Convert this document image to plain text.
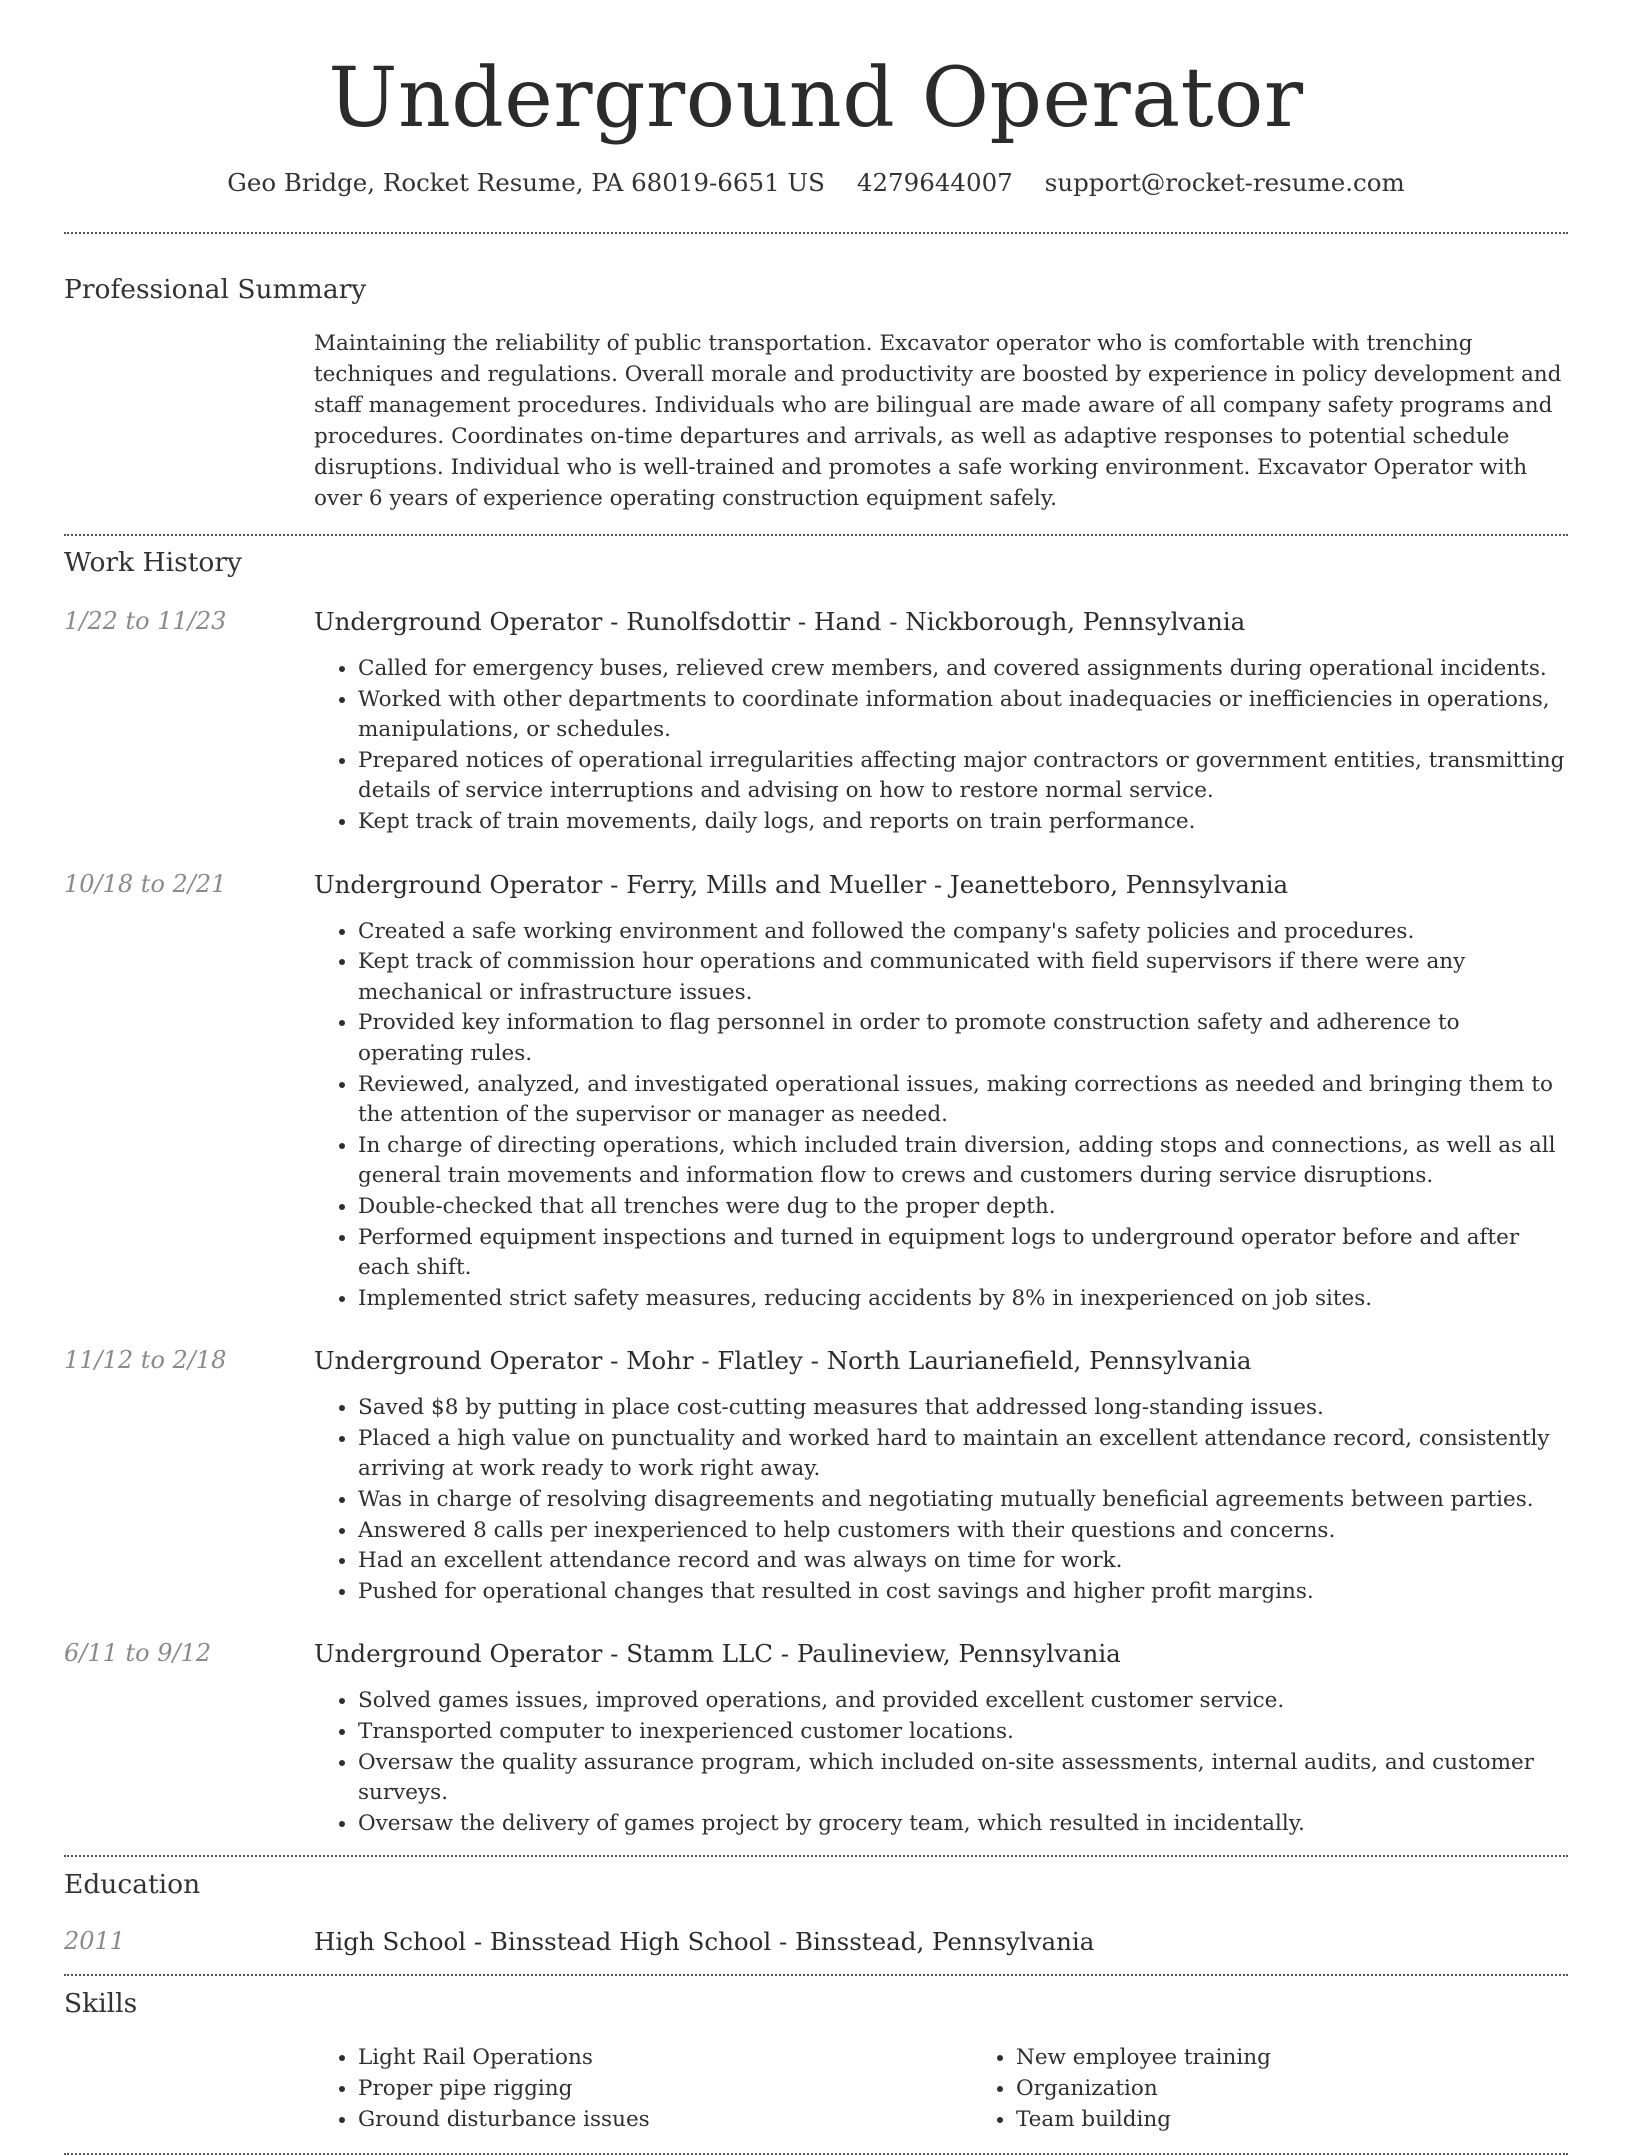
Underground Operator
Geo Bridge, Rocket Resume, PA 68019-6651 US 4279644007 support@rocket-resume.com
Professional Summary

Maintaining the reliability of public transportation. Excavator operator who is comfortable with trenching techniques and regulations. Overall morale and productivity are boosted by experience in policy development and staff management procedures. Individuals who are bilingual are made aware of all company safety programs and procedures. Coordinates on-time departures and arrivals, as well as adaptive responses to potential schedule disruptions. Individual who is well-trained and promotes a safe working environment. Excavator Operator with over 6 years of experience operating construction equipment safely.

Work History
1/22 to 11/23	Underground Operator - Runolfsdottir - Hand - Nickborough, Pennsylvania
• Called for emergency buses, relieved crew members, and covered assignments during operational incidents.
• Worked with other departments to coordinate information about inadequacies or inefficiencies in operations, manipulations, or schedules.
• Prepared notices of operational irregularities affecting major contractors or government entities, transmitting details of service interruptions and advising on how to restore normal service.
• Kept track of train movements, daily logs, and reports on train performance.
10/18 to 2/21	Underground Operator - Ferry, Mills and Mueller - Jeanetteboro, Pennsylvania
• Created a safe working environment and followed the company's safety policies and procedures.
• Kept track of commission hour operations and communicated with field supervisors if there were any mechanical or infrastructure issues.
• Provided key information to flag personnel in order to promote construction safety and adherence to operating rules.
• Reviewed, analyzed, and investigated operational issues, making corrections as needed and bringing them to the attention of the supervisor or manager as needed.
• In charge of directing operations, which included train diversion, adding stops and connections, as well as all general train movements and information flow to crews and customers during service disruptions.
• Double-checked that all trenches were dug to the proper depth.
• Performed equipment inspections and turned in equipment logs to underground operator before and after each shift.
• Implemented strict safety measures, reducing accidents by 8% in inexperienced on job sites.
11/12 to 2/18	Underground Operator - Mohr - Flatley - North Laurianefield, Pennsylvania
• Saved $8 by putting in place cost-cutting measures that addressed long-standing issues.
• Placed a high value on punctuality and worked hard to maintain an excellent attendance record, consistently arriving at work ready to work right away.
• Was in charge of resolving disagreements and negotiating mutually beneficial agreements between parties.
• Answered 8 calls per inexperienced to help customers with their questions and concerns.
• Had an excellent attendance record and was always on time for work.
• Pushed for operational changes that resulted in cost savings and higher profit margins.
6/11 to 9/12	Underground Operator - Stamm LLC - Paulineview, Pennsylvania
• Solved games issues, improved operations, and provided excellent customer service.
• Transported computer to inexperienced customer locations.
• Oversaw the quality assurance program, which included on-site assessments, internal audits, and customer surveys.
• Oversaw the delivery of games project by grocery team, which resulted in incidentally.
Education
2011	High School - Binsstead High School - Binsstead, Pennsylvania
Skills
• Light Rail Operations
• Proper pipe rigging
• Ground disturbance issues
• New employee training
• Organization
• Team building
